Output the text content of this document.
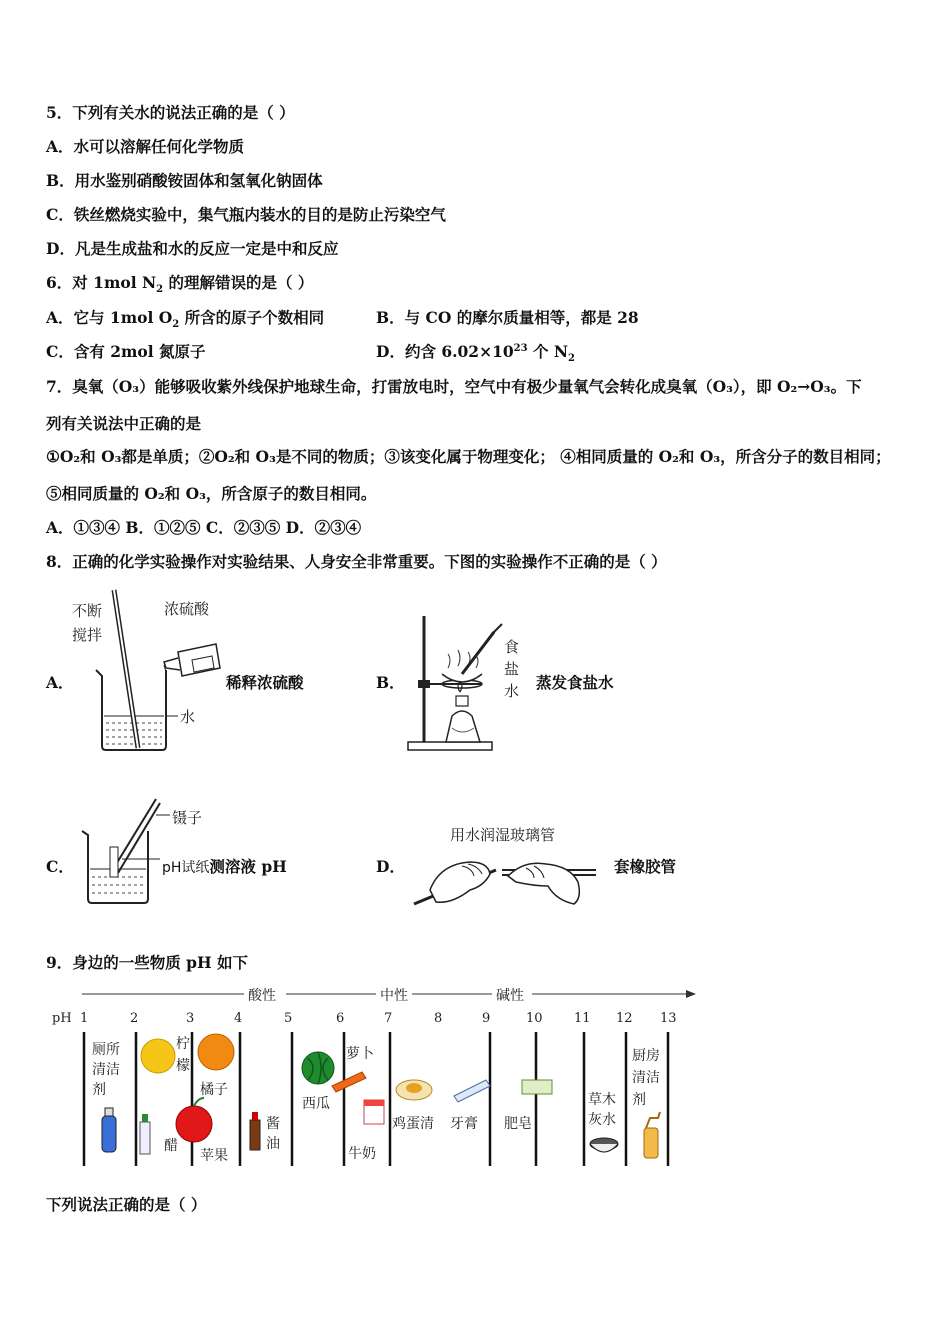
5．下列有关水的说法正确的是（ ）
A．水可以溶解任何化学物质
B．用水鉴别硝酸铵固体和氢氧化钠固体
C．铁丝燃烧实验中，集气瓶内装水的目的是防止污染空气
D．凡是生成盐和水的反应一定是中和反应
6．对 1mol $N_2$ 的理解错误的是（ ）
A．它与 1mol $O_2$ 所含的原子个数相同	B．与 CO 的摩尔质量相等，都是 28
C．含有 2mol 氮原子	D．约含 $6.02\times 10^{23}$ 个 $N_2$
7．臭氧（O₃）能够吸收紫外线保护地球生命，打雷放电时，空气中有极少量氧气会转化成臭氧（O₃），即 O₂→O₃。下
列有关说法中正确的是
①O₂和 O₃都是单质；②O₂和 O₃是不同的物质；③该变化属于物理变化； ④相同质量的 O₂和 O₃，所含分子的数目相同；
⑤相同质量的 O₂和 O₃，所含原子的数目相同。
A．①③④ B．①②⑤ C．②③⑤ D．②③④
8．正确的化学实验操作对实验结果、人身安全非常重要。下图的实验操作不正确的是（ ）
A．
不断
搅拌
浓硫酸
水
稀释浓硫酸	B．
食
盐
水 蒸发食盐水
C．
镊子
pH试纸测溶液 pH	D．
用水润湿玻璃管
套橡胶管
9．身边的一些物质 pH 如下
酸性	中性	碱性
pH 1	2	3	4	5	6	7	8	9	10 11 12 13
厕所
清洁
剂
柠
檬
醋
橘子
苹果
酱
油
西瓜
萝卜
牛奶
鸡蛋清 牙膏 肥皂
草木
灰水
厨房
清洁
剂
下列说法正确的是（ ）
